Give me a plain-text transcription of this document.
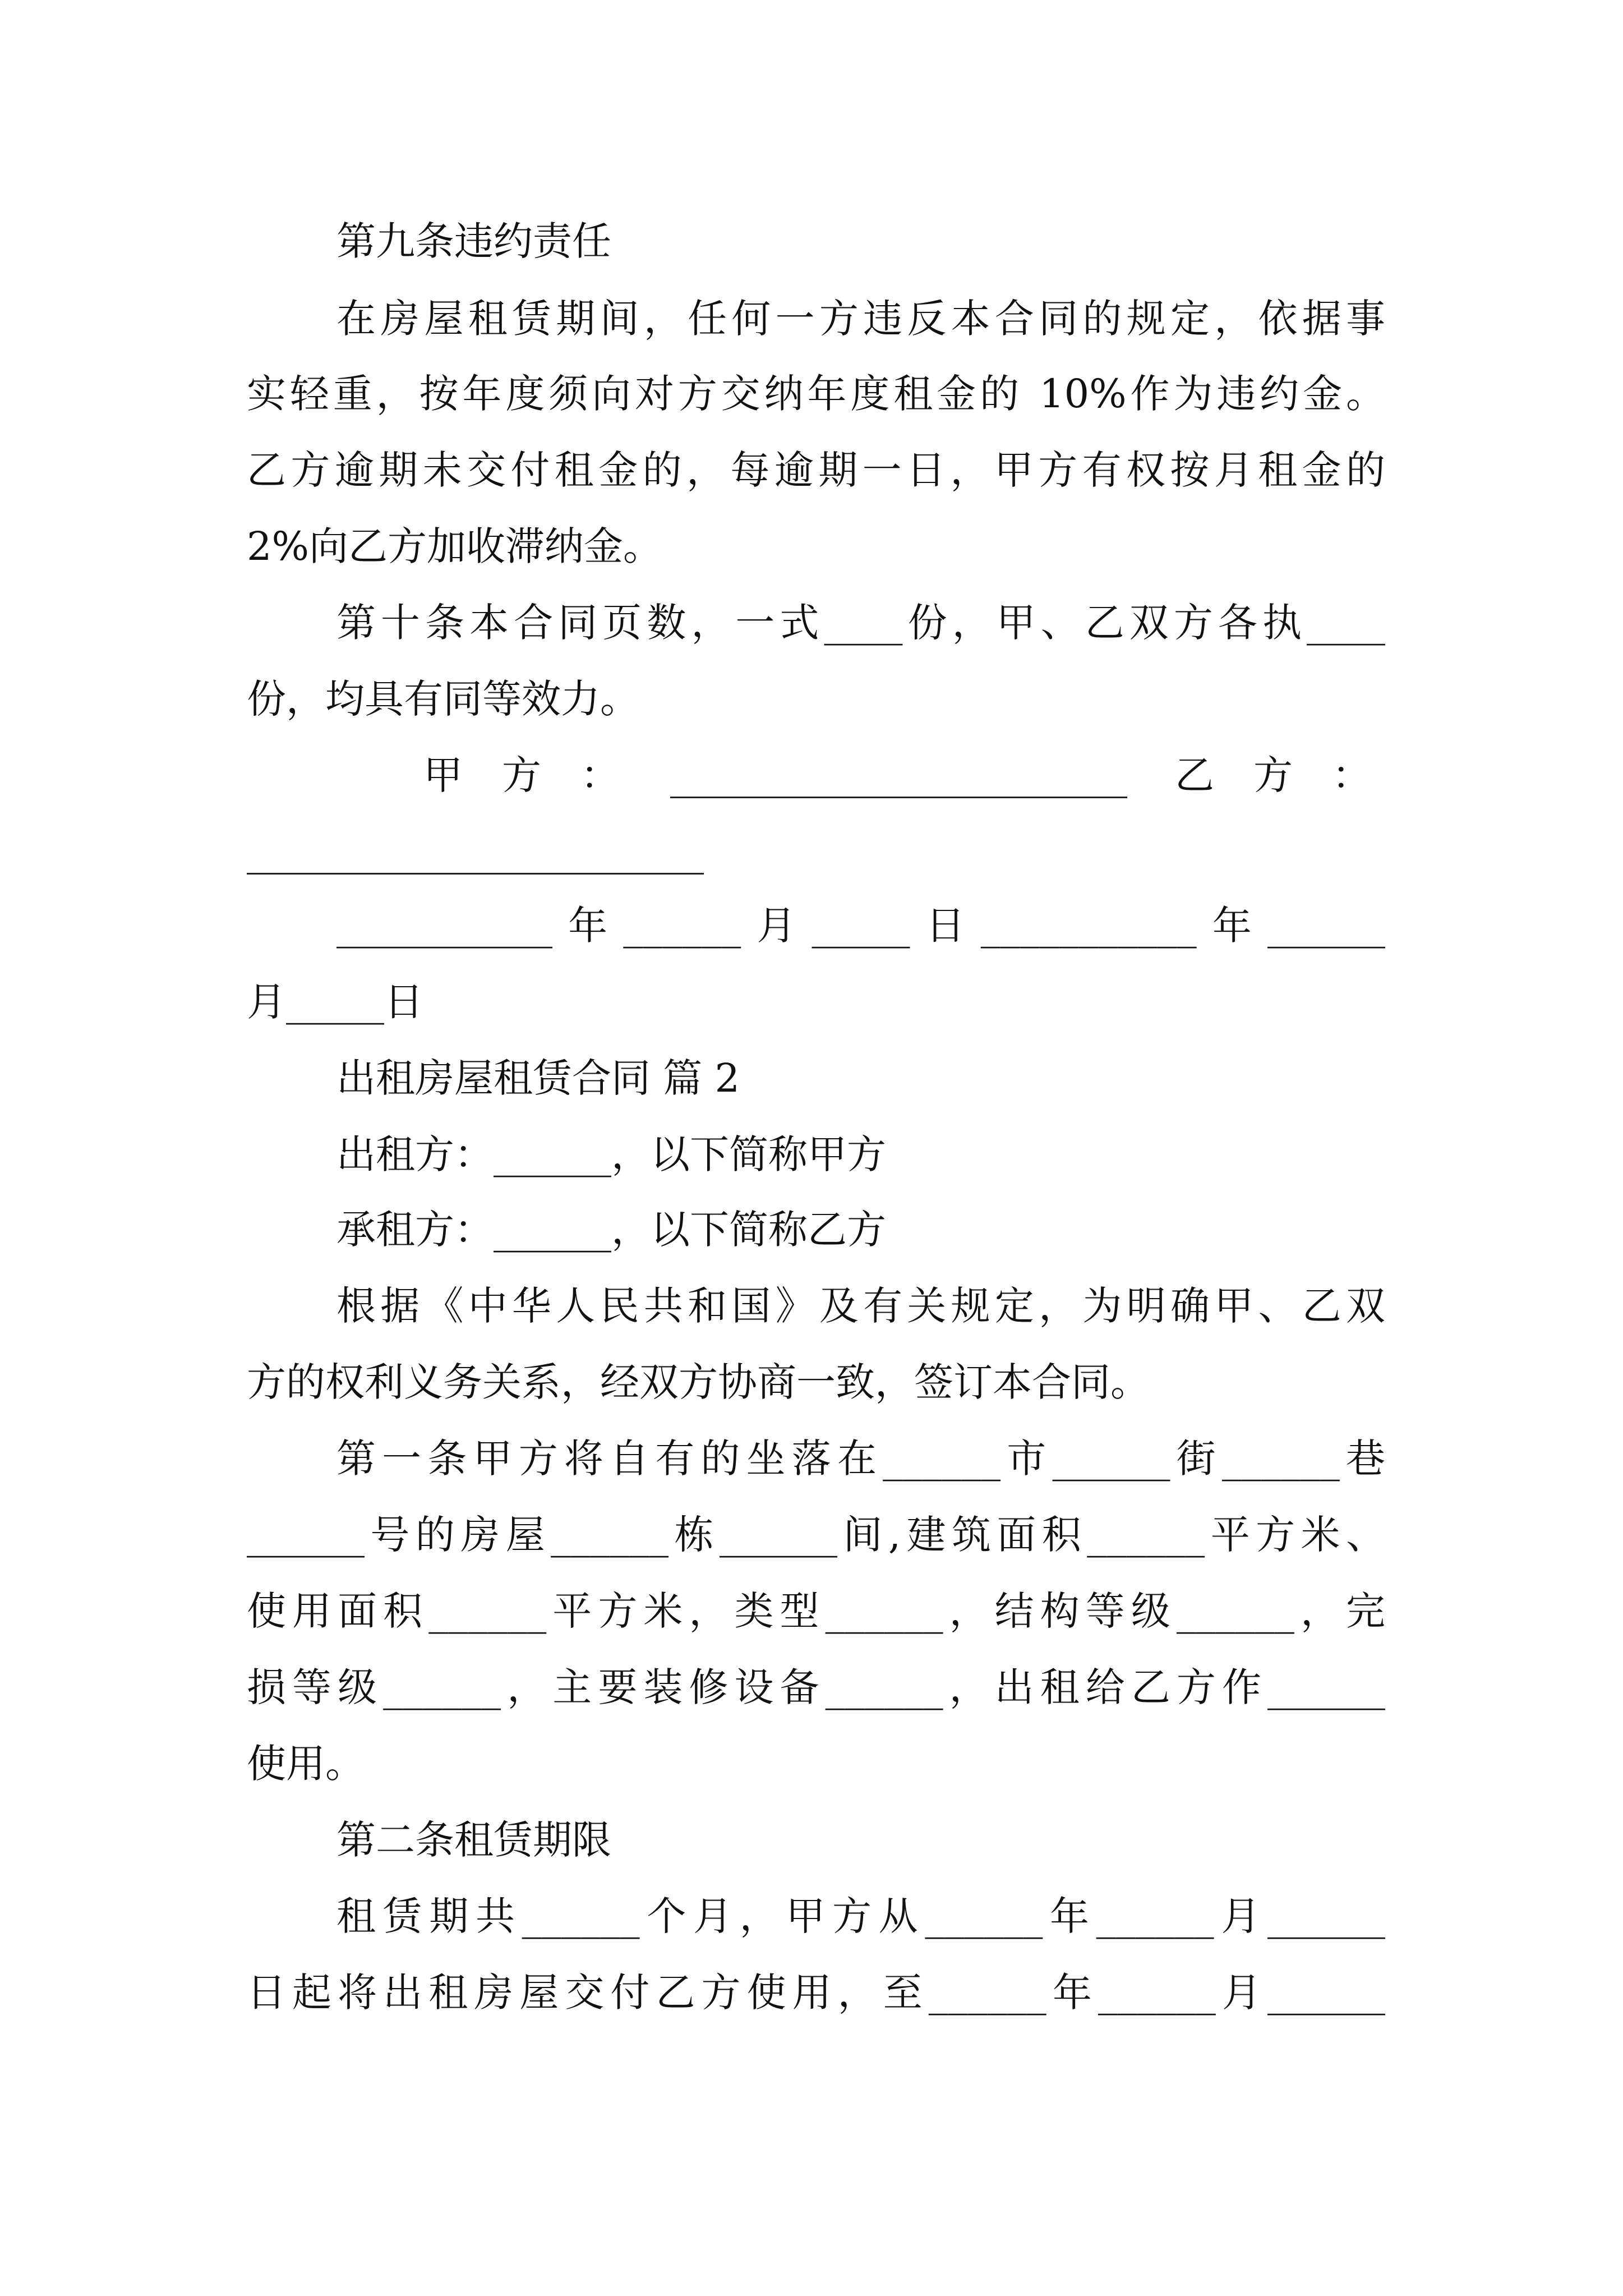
第九条违约责任
在房屋租赁期间，任何一方违反本合同的规定，依据事
实轻重，按年度须向对方交纳年度租金的 10%作为违约金。
乙方逾期未交付租金的，每逾期一日，甲方有权按月租金的
2%向乙方加收滞纳金。
第十条本合同页数，一式____份，甲、乙双方各执____
份，均具有同等效力。
甲　方　：	乙　方　：
___________年______月_____日___________年______
月_____日
出租房屋租赁合同 篇 2
出租方：______，以下简称甲方
承租方：______，以下简称乙方
根据《中华人民共和国》及有关规定，为明确甲、乙双
方的权利义务关系，经双方协商一致，签订本合同。
第一条甲方将自有的坐落在______市______街______巷
______号的房屋______栋______间,建筑面积______平方米、
使用面积______平方米，类型______，结构等级______，完
损等级______，主要装修设备______，出租给乙方作______
使用。
第二条租赁期限
租赁期共______个月，甲方从______年______月______
日起将出租房屋交付乙方使用，至______年______月______
